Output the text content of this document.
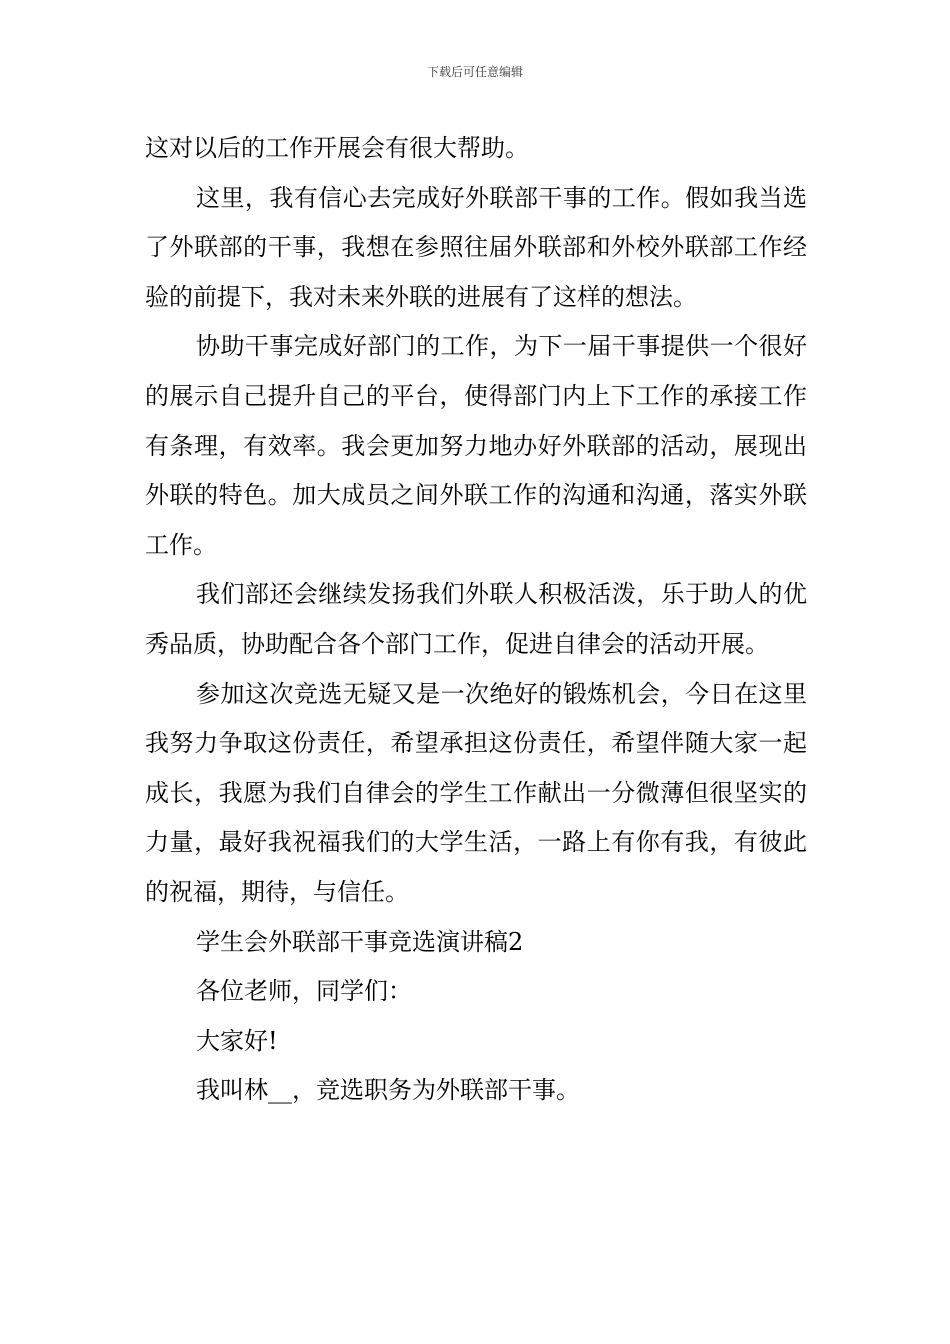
下载后可任意编辑

这对以后的工作开展会有很大帮助。

这里，我有信心去完成好外联部干事的工作。假如我当选了外联部的干事，我想在参照往届外联部和外校外联部工作经验的前提下，我对未来外联的进展有了这样的想法。

协助干事完成好部门的工作，为下一届干事提供一个很好的展示自己提升自己的平台，使得部门内上下工作的承接工作有条理，有效率。我会更加努力地办好外联部的活动，展现出外联的特色。加大成员之间外联工作的沟通和沟通，落实外联工作。

我们部还会继续发扬我们外联人积极活泼，乐于助人的优秀品质，协助配合各个部门工作，促进自律会的活动开展。

参加这次竞选无疑又是一次绝好的锻炼机会，今日在这里我努力争取这份责任，希望承担这份责任，希望伴随大家一起成长，我愿为我们自律会的学生工作献出一分微薄但很坚实的力量，最好我祝福我们的大学生活，一路上有你有我，有彼此的祝福，期待，与信任。

学生会外联部干事竞选演讲稿2

各位老师，同学们：

大家好!

我叫林__，竞选职务为外联部干事。
